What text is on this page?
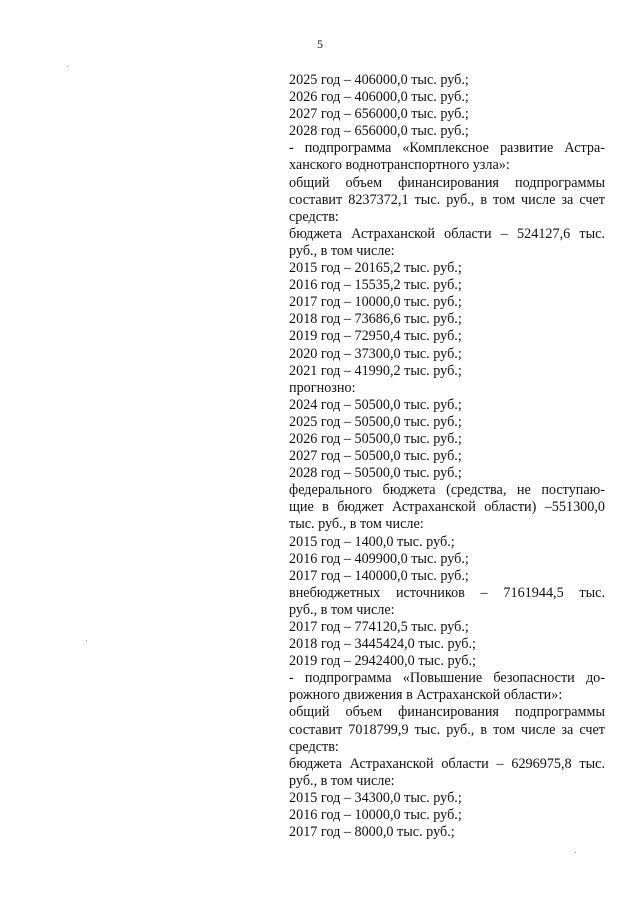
5
2025 год – 406000,0 тыс. руб.;
2026 год – 406000,0 тыс. руб.;
2027 год – 656000,0 тыс. руб.;
2028 год – 656000,0 тыс. руб.;
- подпрограмма «Комплексное развитие Астра-
ханского воднотранспортного узла»:
общий объем финансирования подпрограммы
составит 8237372,1 тыс. руб., в том числе за счет
средств:
бюджета Астраханской области – 524127,6 тыс.
руб., в том числе:
2015 год – 20165,2 тыс. руб.;
2016 год – 15535,2 тыс. руб.;
2017 год – 10000,0 тыс. руб.;
2018 год – 73686,6 тыс. руб.;
2019 год – 72950,4 тыс. руб.;
2020 год – 37300,0 тыс. руб.;
2021 год – 41990,2 тыс. руб.;
прогнозно:
2024 год – 50500,0 тыс. руб.;
2025 год – 50500,0 тыс. руб.;
2026 год – 50500,0 тыс. руб.;
2027 год – 50500,0 тыс. руб.;
2028 год – 50500,0 тыс. руб.;
федерального бюджета (средства, не поступаю-
щие в бюджет Астраханской области) –551300,0
тыс. руб., в том числе:
2015 год – 1400,0 тыс. руб.;
2016 год – 409900,0 тыс. руб.;
2017 год – 140000,0 тыс. руб.;
внебюджетных источников – 7161944,5 тыс.
руб., в том числе:
2017 год – 774120,5 тыс. руб.;
2018 год – 3445424,0 тыс. руб.;
2019 год – 2942400,0 тыс. руб.;
- подпрограмма «Повышение безопасности до-
рожного движения в Астраханской области»:
общий объем финансирования подпрограммы
составит 7018799,9 тыс. руб., в том числе за счет
средств:
бюджета Астраханской области – 6296975,8 тыс.
руб., в том числе:
2015 год – 34300,0 тыс. руб.;
2016 год – 10000,0 тыс. руб.;
2017 год – 8000,0 тыс. руб.;
